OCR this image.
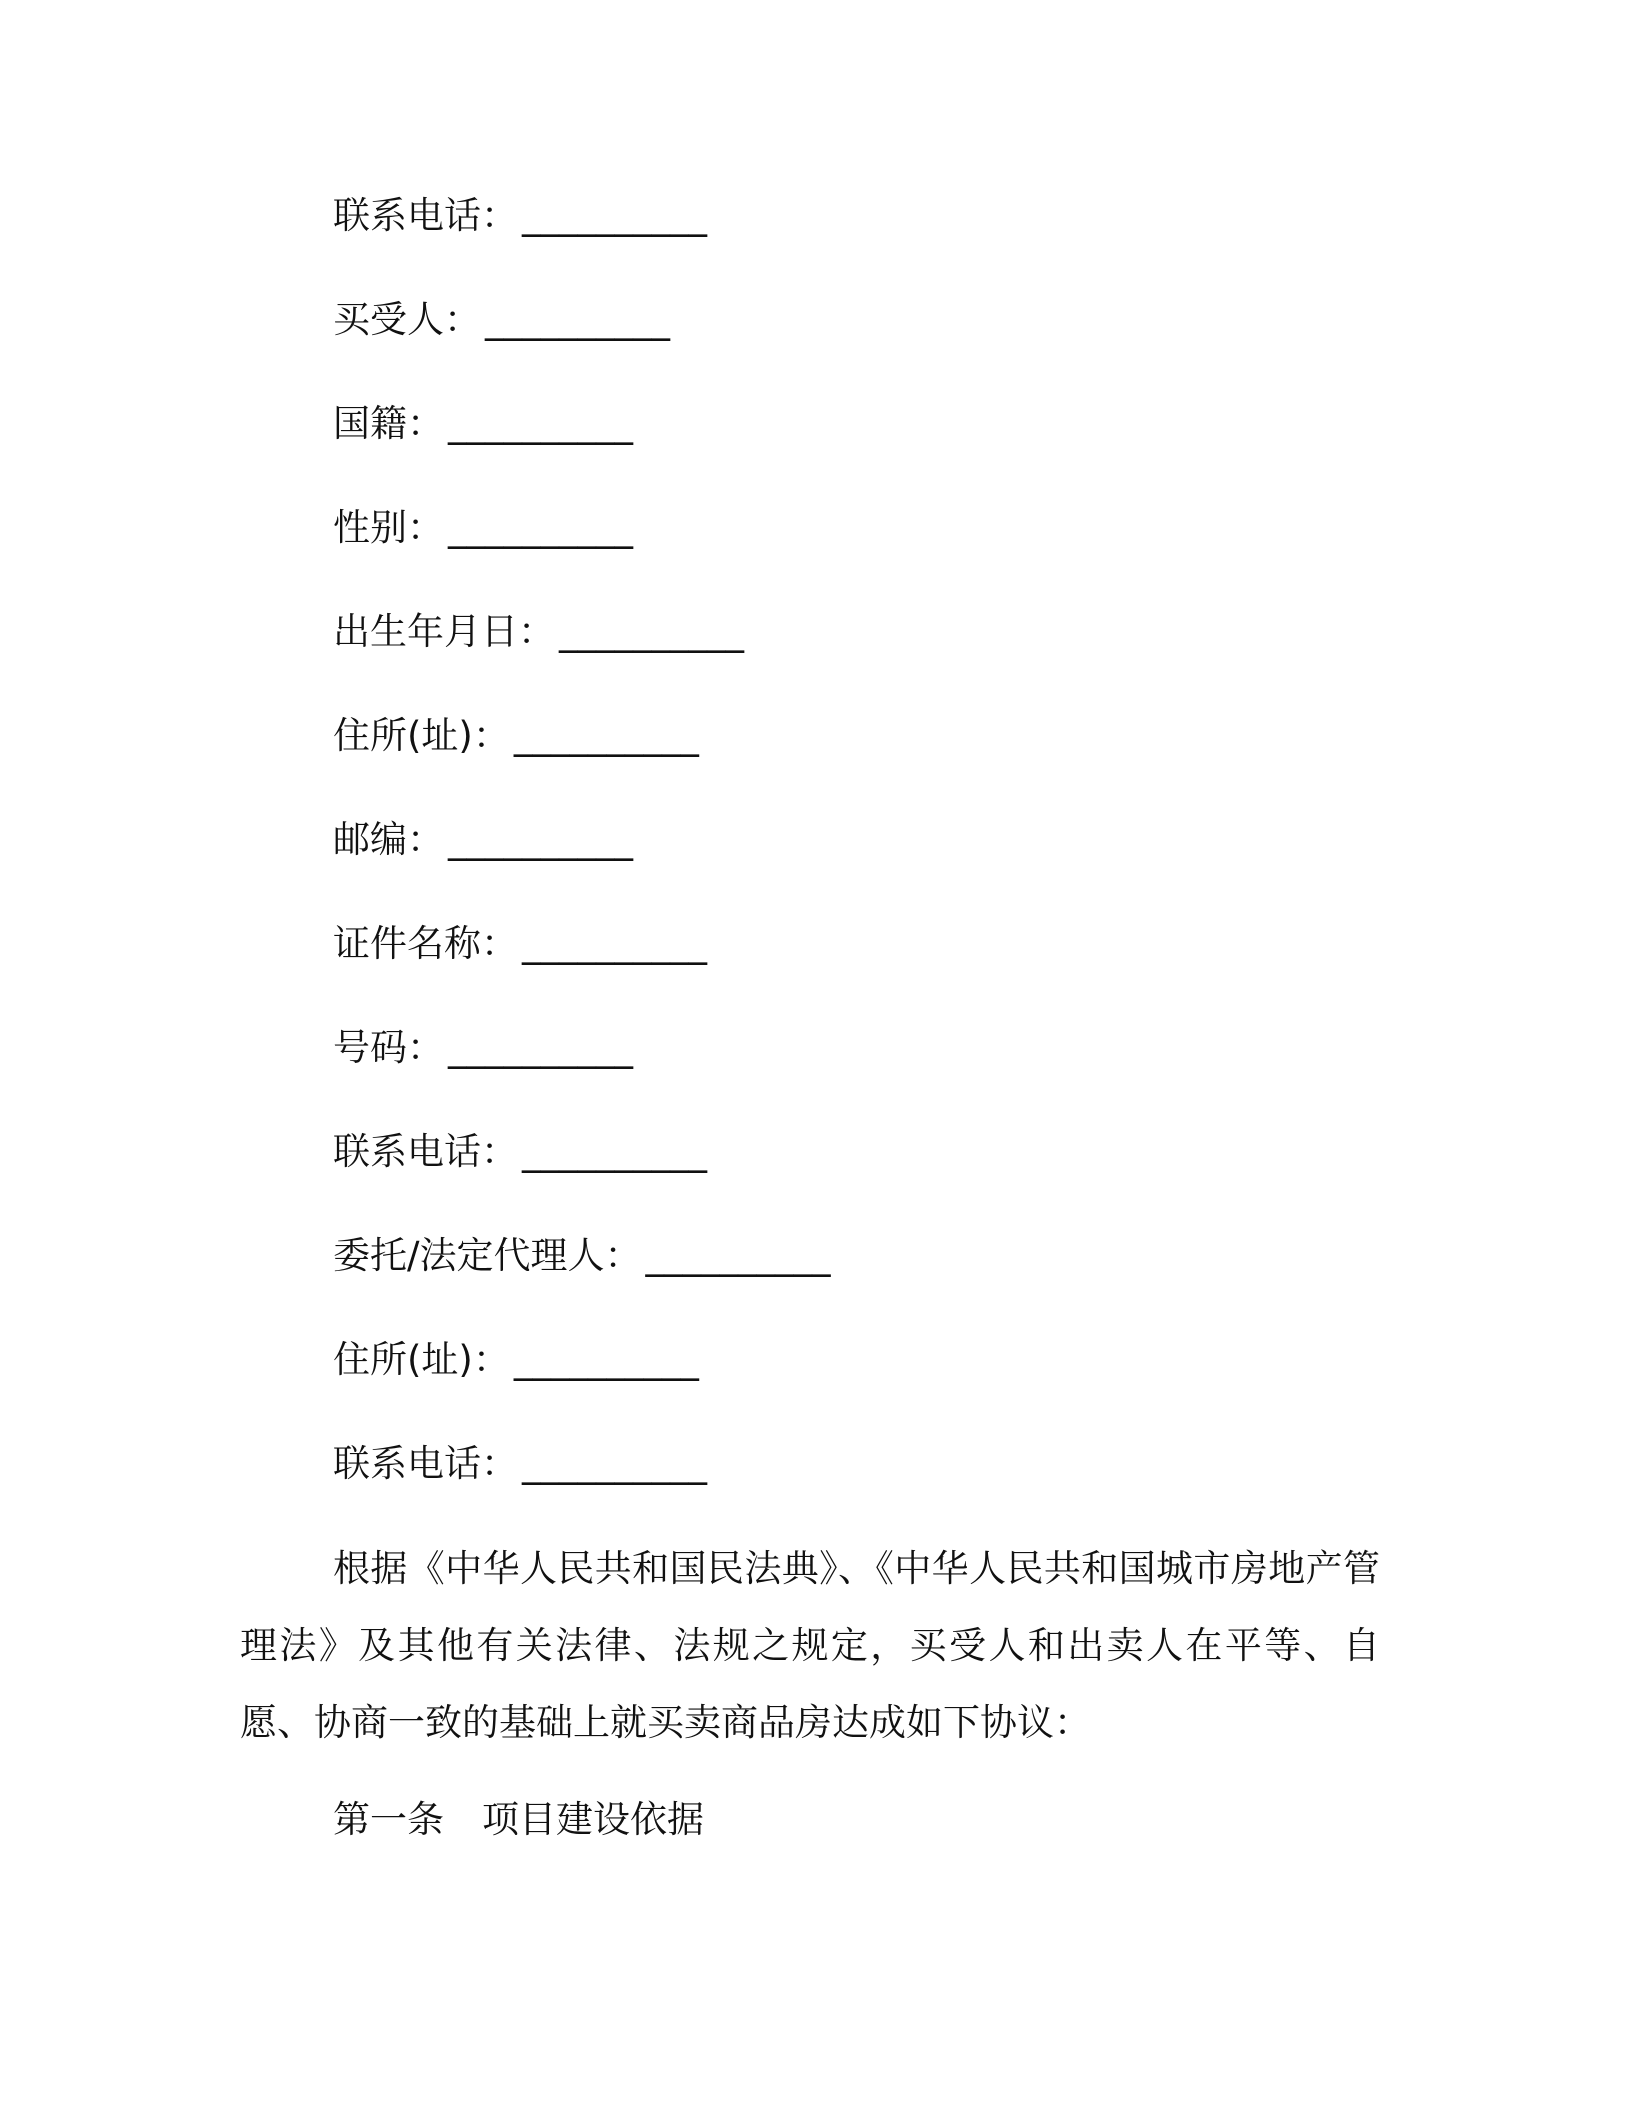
联系电话： __________
买受人： __________
国籍： __________
性别： __________
出生年月日： __________
住所(址)： __________
邮编： __________
证件名称： __________
号码： __________
联系电话： __________
委托/法定代理人： __________
住所(址)： __________
联系电话： __________

根据《中华人民共和国民法典》、《中华人民共和国城市房地产管理法》及其他有关法律、法规之规定，买受人和出卖人在平等、自愿、协商一致的基础上就买卖商品房达成如下协议：

第一条 项目建设依据
